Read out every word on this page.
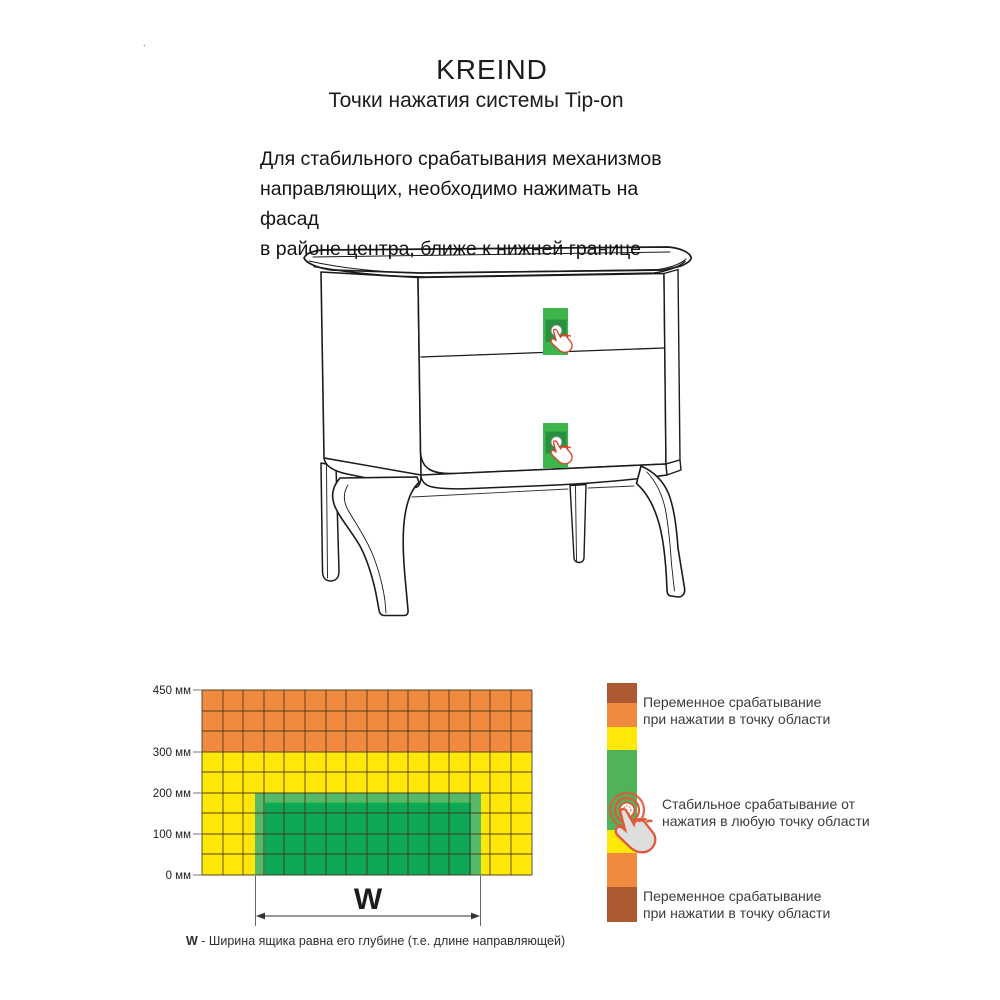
450 мм
300 мм
200 мм
100 мм
0 мм
W
.
KREIND
Точки нажатия системы Tip-on
Для стабильного срабатывания механизмов
направляющих, необходимо нажимать на фасад
в районе центра, ближе к нижней границе
W - Ширина ящика равна его глубине (т.е. длине направляющей)
Переменное срабатывание
при нажатии в точку области
Стабильное срабатывание от
нажатия в любую точку области
Переменное срабатывание
при нажатии в точку области
